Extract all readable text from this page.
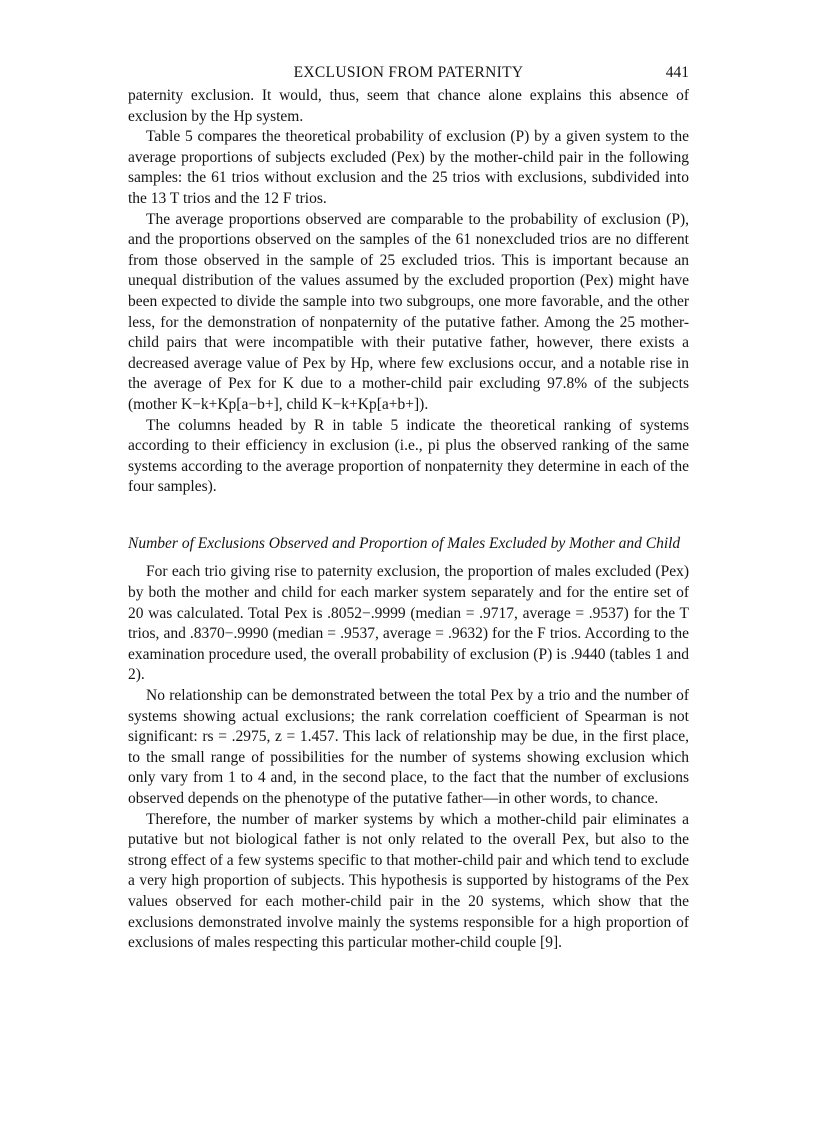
EXCLUSION FROM PATERNITY	441

paternity exclusion. It would, thus, seem that chance alone explains this absence of exclusion by the Hp system.

Table 5 compares the theoretical probability of exclusion (P) by a given system to the average proportions of subjects excluded (Pex) by the mother-child pair in the following samples: the 61 trios without exclusion and the 25 trios with exclusions, subdivided into the 13 T trios and the 12 F trios.

The average proportions observed are comparable to the probability of exclusion (P), and the proportions observed on the samples of the 61 nonexcluded trios are no different from those observed in the sample of 25 excluded trios. This is important because an unequal distribution of the values assumed by the excluded proportion (Pex) might have been expected to divide the sample into two subgroups, one more favorable, and the other less, for the demonstration of nonpaternity of the putative father. Among the 25 mother-child pairs that were incompatible with their putative father, however, there exists a decreased average value of Pex by Hp, where few exclusions occur, and a notable rise in the average of Pex for K due to a mother-child pair excluding 97.8% of the subjects (mother K−k+Kp[a−b+], child K−k+Kp[a+b+]).

The columns headed by R in table 5 indicate the theoretical ranking of systems according to their efficiency in exclusion (i.e., pi plus the observed ranking of the same systems according to the average proportion of nonpaternity they determine in each of the four samples).

Number of Exclusions Observed and Proportion of Males Excluded by Mother and Child

For each trio giving rise to paternity exclusion, the proportion of males excluded (Pex) by both the mother and child for each marker system separately and for the entire set of 20 was calculated. Total Pex is .8052−.9999 (median = .9717, average = .9537) for the T trios, and .8370−.9990 (median = .9537, average = .9632) for the F trios. According to the examination procedure used, the overall probability of exclusion (P) is .9440 (tables 1 and 2).

No relationship can be demonstrated between the total Pex by a trio and the number of systems showing actual exclusions; the rank correlation coefficient of Spearman is not significant: rs = .2975, z = 1.457. This lack of relationship may be due, in the first place, to the small range of possibilities for the number of systems showing exclusion which only vary from 1 to 4 and, in the second place, to the fact that the number of exclusions observed depends on the phenotype of the putative father—in other words, to chance.

Therefore, the number of marker systems by which a mother-child pair eliminates a putative but not biological father is not only related to the overall Pex, but also to the strong effect of a few systems specific to that mother-child pair and which tend to exclude a very high proportion of subjects. This hypothesis is supported by histograms of the Pex values observed for each mother-child pair in the 20 systems, which show that the exclusions demonstrated involve mainly the systems responsible for a high proportion of exclusions of males respecting this particular mother-child couple [9].
